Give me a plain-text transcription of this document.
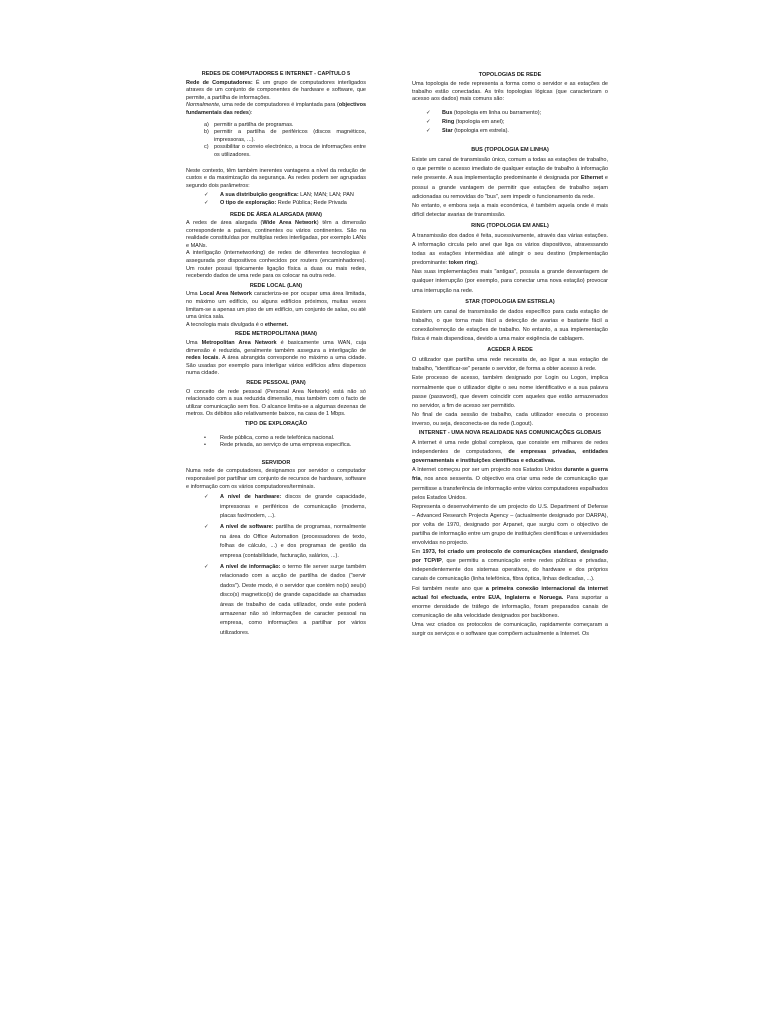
REDES DE COMPUTADORES E INTERNET - CAPÍTULO 5

Rede de Computadores: É um grupo de computadores interligados atraves de um conjunto de componentes de hardware e software, que permite, a partilha de informações.

Normalmente, uma rede de computadores é implantada para (objectivos fundamentais das redes):

a) permitir a partilha de programas.
b) permitir a partilha de periféricos (discos magnéticos, impressoras, ...).
c) possibilitar o correio electrónico, a troca de informações entre os utilizadores.

Neste contexto, têm também inerentes vantagens a nível da redução de custos e da maximização da segurança. As redes podem ser agrupadas segundo dois parâmetros:

✓	A sua distribuição geográfica: LAN; MAN; LAN; PAN
✓	O tipo de exploração: Rede Pública; Rede Privada
REDE DE ÁREA ALARGADA (WAN)

A redes de área alargada (Wide Area Network) têm a dimensão correspondente a países, continentes ou vários continentes. São na realidade constituídas por multiplas redes interligadas, por exemplo LANs e MANs.

A interligação (internetworking) de redes de diferentes tecnologias é assegurada por dispositivos conhecidos por routers (encaminhadores). Um router possui tipicamente ligação física a duas ou mais redes, recebendo dados de uma rede para os colocar na outra rede.

REDE LOCAL (LAN)

Uma Local Area Network caracteriza-se por ocupar uma área limitada, no máximo um edifício, ou alguns edifícios próximos, muitas vezes limitam-se a apenas um piso de um edifício, um conjunto de salas, ou até uma única sala.

A tecnologia mais divulgada é o ethernet.

REDE METROPOLITANA (MAN)

Uma Metropolitan Area Network é basicamente uma WAN, cuja dimensão é reduzida, geralmente também assegura a interligação de redes locais. A área abrangida corresponde no máximo a uma cidade. São usadas por exemplo para interligar vários edifícios afins dispersos numa cidade.

REDE PESSOAL (PAN)

O conceito de rede pessoal (Personal Area Network) está não só relacionado com a sua reduzida dimensão, mas também com o facto de utilizar comunicação sem fios. O alcance limita-se a algumas dezenas de metros. Os débitos são relativamente baixos, na casa de 1 Mbps.

TIPO DE EXPLORAÇÃO
•	Rede pública, como a rede telefónica nacional.
•	Rede privada, ao serviço de uma empresa especifica.
SERVIDOR

Numa rede de computadores, designamos por servidor o computador responsável por partilhar um conjunto de recursos de hardware, software e informação com os vários computadores/terminais.

✓	A nível de hardware: discos de grande capacidade, impressoras e periféricos de comunicação (modems, placas fax/modem, ...).
✓	A nível de software: partilha de programas, normalmente na área do Office Automation (processadores de texto, folhas de cálculo, ...) e dos programas de gestão da empresa (contabilidade, facturação, salários, ...).
✓	A nível de informação: o termo file server surge também relacionado com a acção de partilha de dados ("servir dados"). Deste modo, é o servidor que contém no(s) seu(s) disco(s) magnetico(s) de grande capacidade as chamadas áreas de trabalho de cada utilizador, onde este poderá armazenar não só informações de caracter pessoal na empresa, como informações a partilhar por vários utilizadores.
TOPOLOGIAS DE REDE

Uma topologia de rede representa a forma como o servidor e as estações de trabalho estão conectadas. As três topologias lógicas (que caracterizam o acesso aos dados) mais comuns são:

✓	Bus (topologia em linha ou barramento);
✓	Ring (topologia em anel);
✓	Star (topologia em estrela).
BUS (TOPOLOGIA EM LINHA)

Existe um canal de transmissão único, comum a todas as estações de trabalho, o que permite o acesso imediato de qualquer estação de trabalho à informação nele presente. A sua implementação predominante é designada por Ethernet e possui a grande vantagem de permitir que estações de trabalho sejam adicionadas ou removidas do "bus", sem impedir o funcionamento da rede.

No entanto, e embora seja a mais económica, é também aquela onde é mais difícil detectar avarias de transmissão.

RING (TOPOLOGIA EM ANEL)

A transmissão dos dados é feita, sucessivamente, através das várias estações. A informação circula pelo anel que liga os vários dispositivos, atravessando todas as estações intermédias até atingir o seu destino (implementação predominante: token ring).

Nas suas implementações mais "antigas", possuía a grande desvantagem de qualquer interrupção (por exemplo, para conectar uma nova estação) provocar uma interrupção na rede.

STAR (TOPOLOGIA EM ESTRELA)

Existem um canal de transmissão de dados específico para cada estação de trabalho, o que torna mais fácil a detecção de avarias e bastante fácil a conexão/remoção de estações de trabalho. No entanto, a sua implementação física é mais dispendiosa, devido a uma maior exigência de cablagem.

ACEDER À REDE

O utilizador que partilha uma rede necessita de, ao ligar a sua estação de trabalho, "identificar-se" perante o servidor, de forma a obter acesso à rede.

Este processo de acesso, também designado por Login ou Logon, implica normalmente que o utilizador digite o seu nome identificativo e a sua palavra passe (password), que devem coincidir com aqueles que estão armazenados no servidor, a fim de acesso ser permitido.

No final de cada sessão de trabalho, cada utilizador executa o processo inverso, ou seja, desconecta-se da rede (Logout).

INTERNET - UMA NOVA REALIDADE NAS COMUNICAÇÕES GLOBAIS

A internet é uma rede global complexa, que consiste em milhares de redes independentes de computadores, de empresas privadas, entidades governamentais e instituições científicas e educativas.

A Internet começou por ser um projecto nos Estados Unidos durante a guerra fria, nos anos sessenta. O objectivo era criar uma rede de comunicação que permitisse a transferência de informação entre vários computadores espalhados pelos Estados Unidos.

Representa o desenvolvimento de um projecto do U.S. Department of Defense – Advanced Research Projects Agency – (actualmente designado por DARPA), por volta de 1970, designado por Arpanet, que surgiu com o objectivo de partilha de informação entre um grupo de instituições científicas e universidades envolvidas no projecto.

Em 1973, foi criado um protocolo de comunicações standard, designado por TCP/IP, que permitiu a comunicação entre redes públicas e privadas, independentemente dos sistemas operativos, do hardware e dos próprios canais de comunicação (linha telefónica, fibra óptica, linhas dedicadas, ...).

Foi também neste ano que a primeira conexão internacional da internet actual foi efectuada, entre EUA, Inglaterra e Noruega. Para suportar a enorme densidade de tráfego de informação, foram preparados canais de comunicação de alta velocidade designados por backbones.

Uma vez criados os protocolos de comunicação, rapidamente começaram a surgir os serviços e o software que compõem actualmente a Internet. Os
